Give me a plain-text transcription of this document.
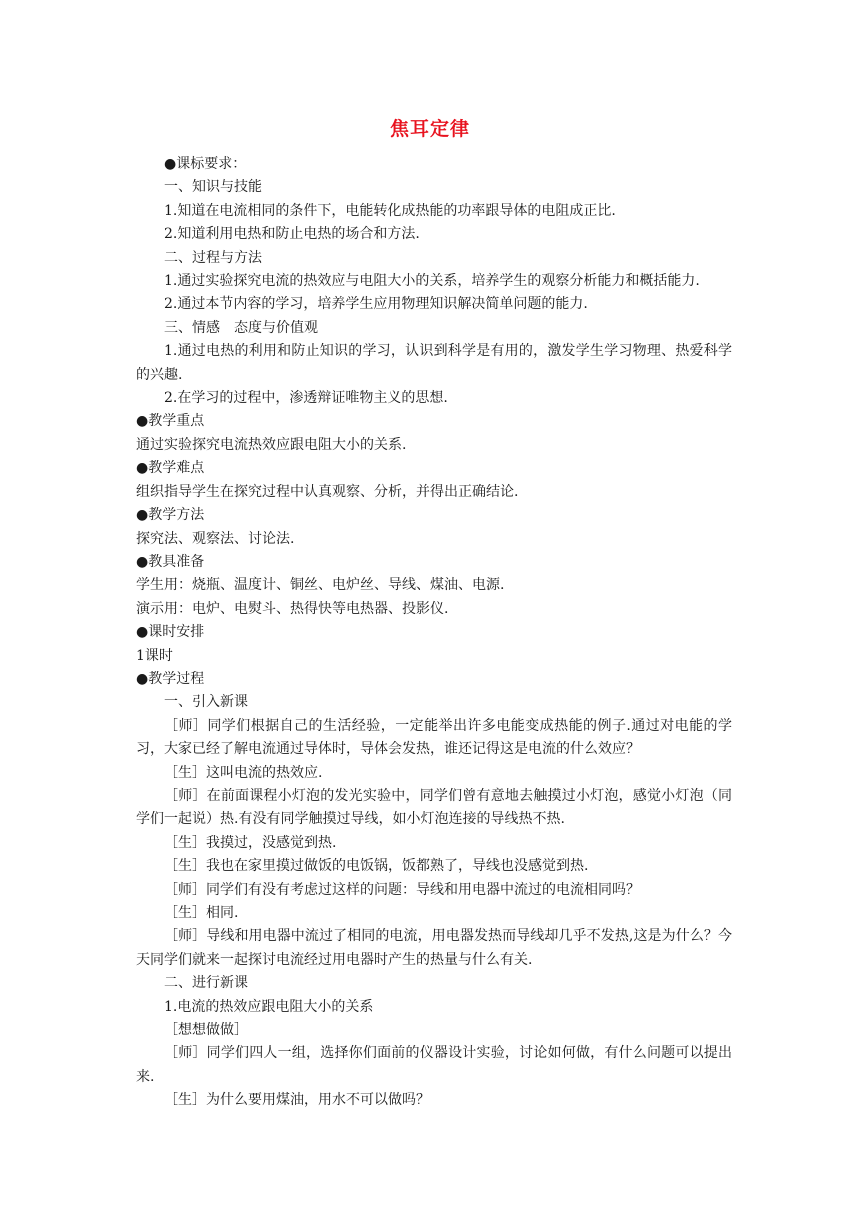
焦耳定律

●课标要求：

一、知识与技能

1.知道在电流相同的条件下，电能转化成热能的功率跟导体的电阻成正比.

2.知道利用电热和防止电热的场合和方法.

二、过程与方法

1.通过实验探究电流的热效应与电阻大小的关系，培养学生的观察分析能力和概括能力.

2.通过本节内容的学习，培养学生应用物理知识解决简单问题的能力.

三、情感　态度与价值观

1.通过电热的利用和防止知识的学习，认识到科学是有用的，激发学生学习物理、热爱科学的兴趣.

2.在学习的过程中，渗透辩证唯物主义的思想.

●教学重点

通过实验探究电流热效应跟电阻大小的关系.

●教学难点

组织指导学生在探究过程中认真观察、分析，并得出正确结论.

●教学方法

探究法、观察法、讨论法.

●教具准备

学生用：烧瓶、温度计、铜丝、电炉丝、导线、煤油、电源.

演示用：电炉、电熨斗、热得快等电热器、投影仪.

●课时安排

1课时

●教学过程

一、引入新课

［师］同学们根据自己的生活经验，一定能举出许多电能变成热能的例子.通过对电能的学习，大家已经了解电流通过导体时，导体会发热，谁还记得这是电流的什么效应？

［生］这叫电流的热效应.

［师］在前面课程小灯泡的发光实验中，同学们曾有意地去触摸过小灯泡，感觉小灯泡（同学们一起说）热.有没有同学触摸过导线，如小灯泡连接的导线热不热.

［生］我摸过，没感觉到热.

［生］我也在家里摸过做饭的电饭锅，饭都熟了，导线也没感觉到热.

［师］同学们有没有考虑过这样的问题：导线和用电器中流过的电流相同吗？

［生］相同.

［师］导线和用电器中流过了相同的电流，用电器发热而导线却几乎不发热,这是为什么？今天同学们就来一起探讨电流经过用电器时产生的热量与什么有关.

二、进行新课

1.电流的热效应跟电阻大小的关系

［想想做做］

［师］同学们四人一组，选择你们面前的仪器设计实验，讨论如何做，有什么问题可以提出来.

［生］为什么要用煤油，用水不可以做吗？
